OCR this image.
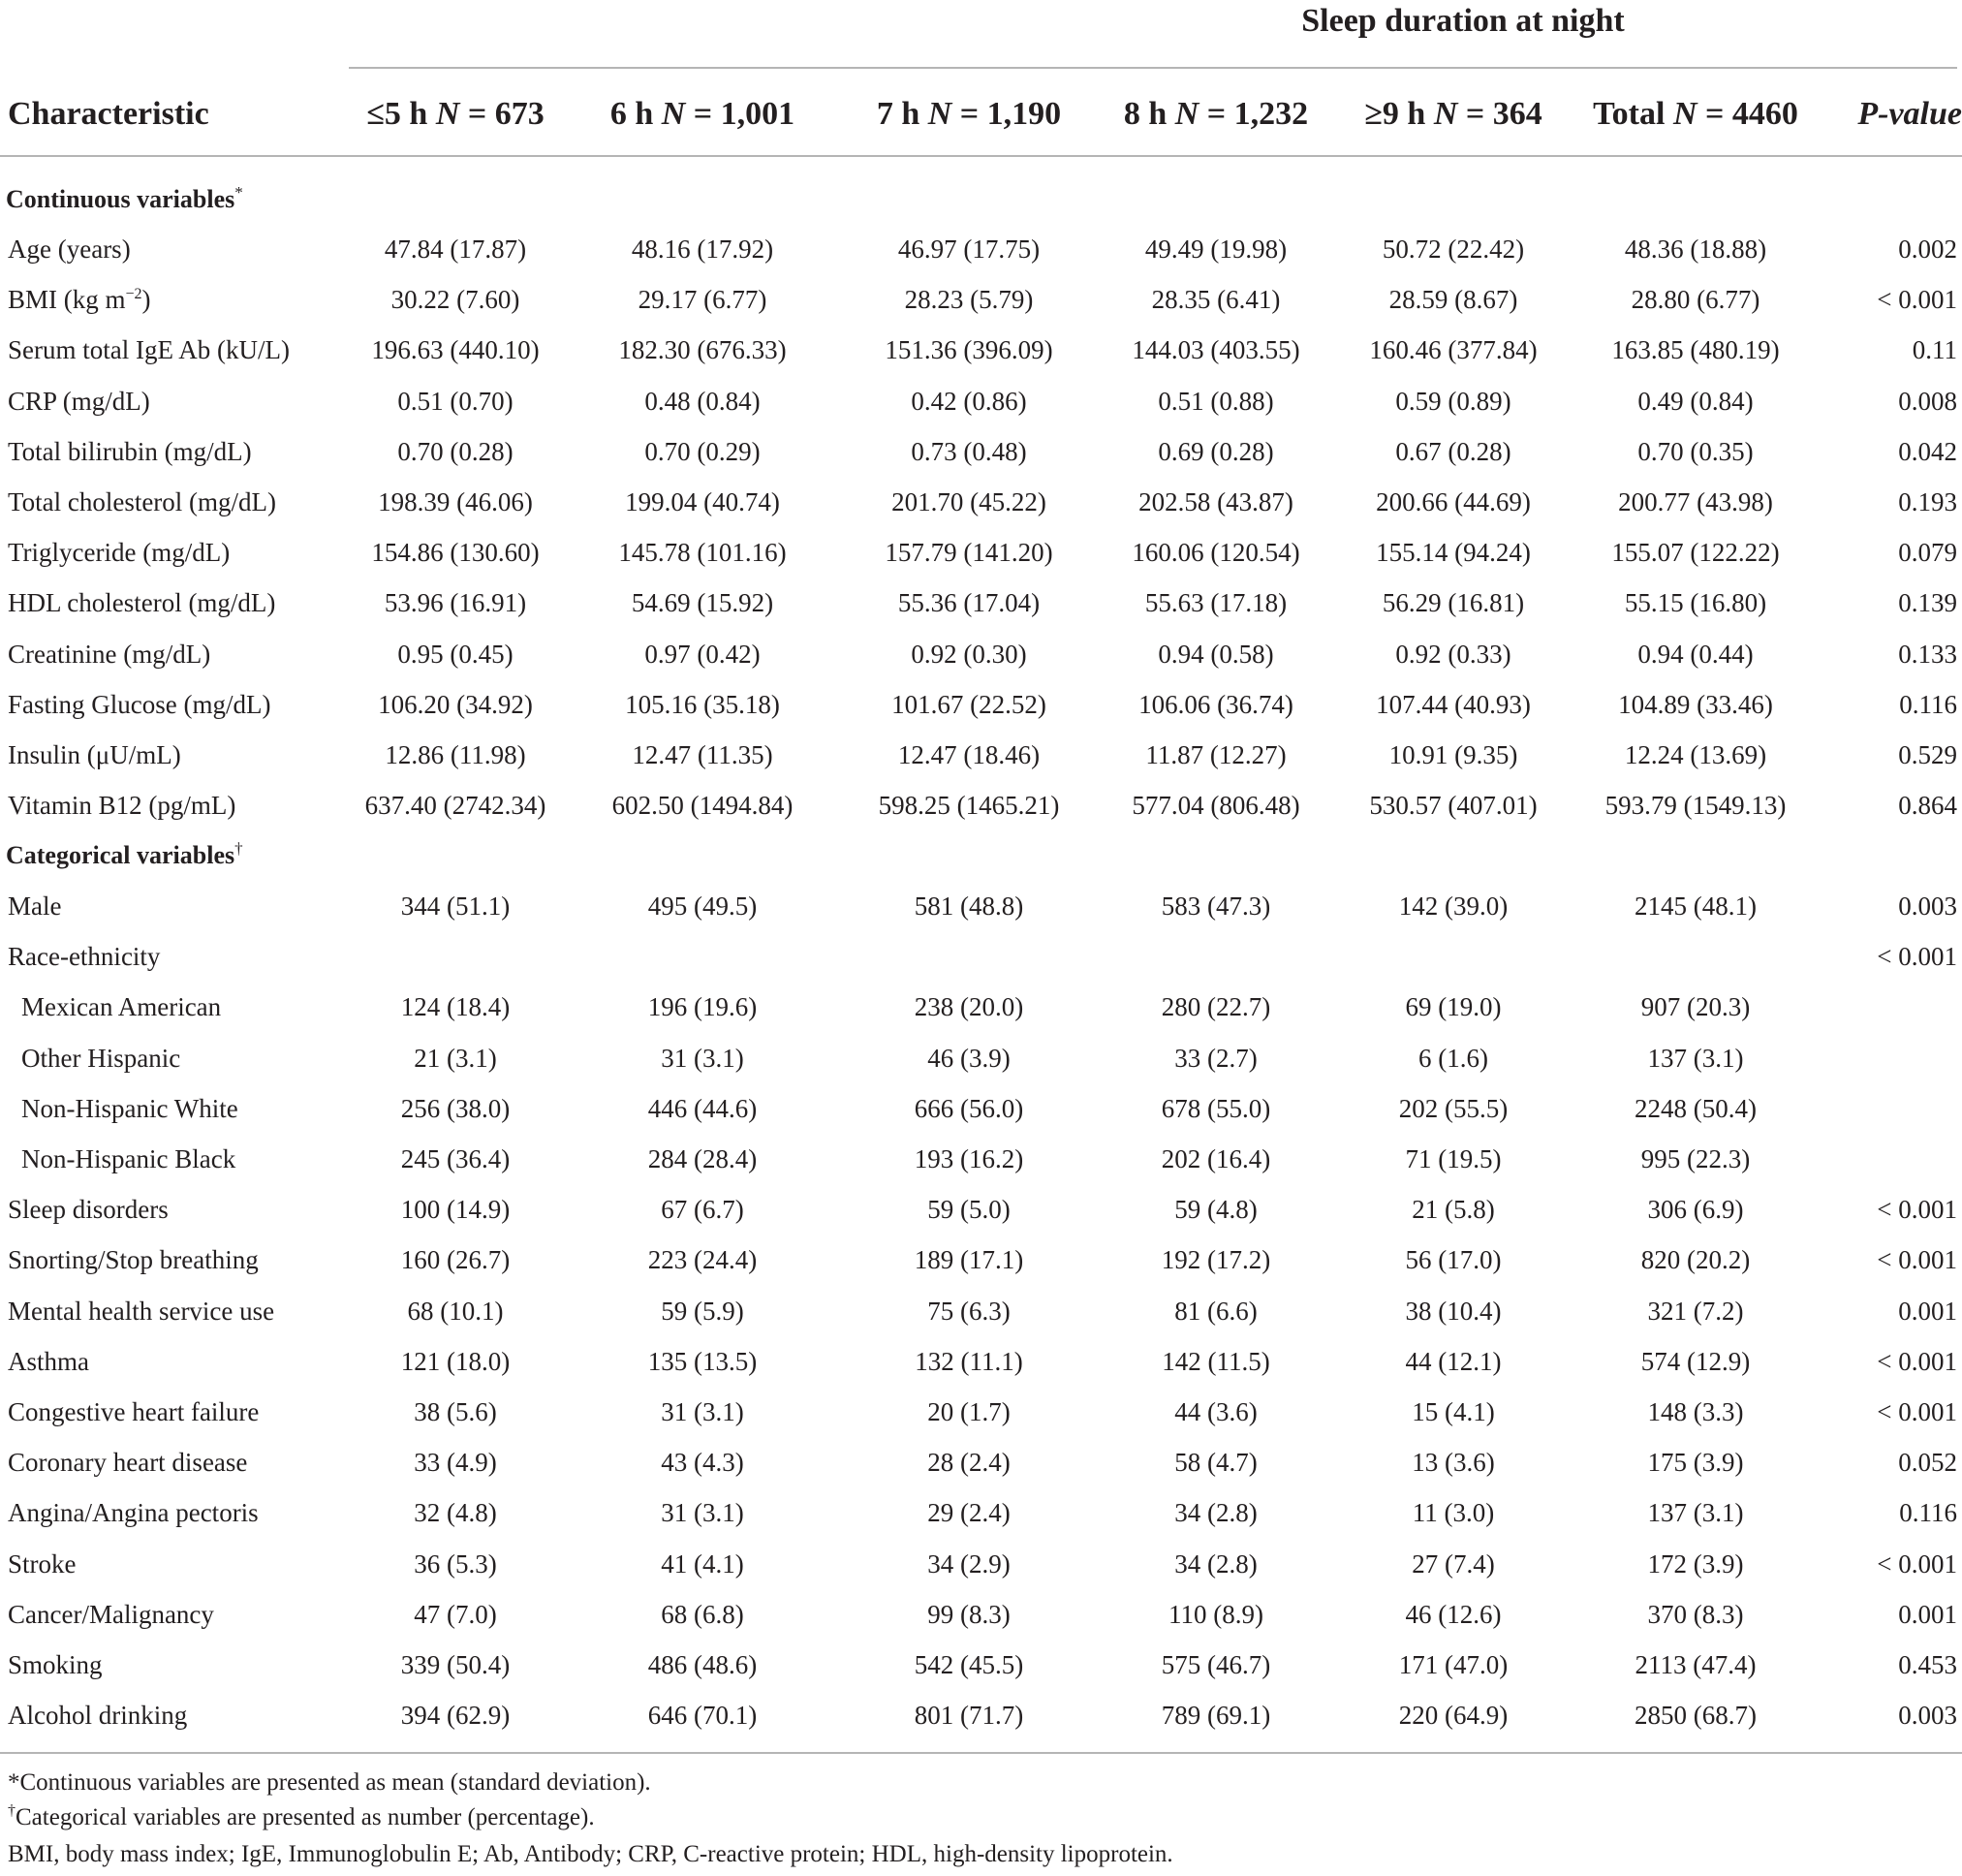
Sleep duration at night
Characteristic	≤5 h N = 673	6 h N = 1,001	7 h N = 1,190	8 h N = 1,232	≥9 h N = 364	Total N = 4460	P-value
Continuous variables*
Age (years)	47.84 (17.87)	48.16 (17.92)	46.97 (17.75)	49.49 (19.98)	50.72 (22.42)	48.36 (18.88)	0.002
BMI (kg $m^{-2}$)	30.22 (7.60)	29.17 (6.77)	28.23 (5.79)	28.35 (6.41)	28.59 (8.67)	28.80 (6.77)	< 0.001
Serum total IgE Ab (kU/L)	196.63 (440.10)	182.30 (676.33)	151.36 (396.09)	144.03 (403.55)	160.46 (377.84)	163.85 (480.19)	0.11
CRP (mg/dL)	0.51 (0.70)	0.48 (0.84)	0.42 (0.86)	0.51 (0.88)	0.59 (0.89)	0.49 (0.84)	0.008
Total bilirubin (mg/dL)	0.70 (0.28)	0.70 (0.29)	0.73 (0.48)	0.69 (0.28)	0.67 (0.28)	0.70 (0.35)	0.042
Total cholesterol (mg/dL)	198.39 (46.06)	199.04 (40.74)	201.70 (45.22)	202.58 (43.87)	200.66 (44.69)	200.77 (43.98)	0.193
Triglyceride (mg/dL)	154.86 (130.60)	145.78 (101.16)	157.79 (141.20)	160.06 (120.54)	155.14 (94.24)	155.07 (122.22)	0.079
HDL cholesterol (mg/dL)	53.96 (16.91)	54.69 (15.92)	55.36 (17.04)	55.63 (17.18)	56.29 (16.81)	55.15 (16.80)	0.139
Creatinine (mg/dL)	0.95 (0.45)	0.97 (0.42)	0.92 (0.30)	0.94 (0.58)	0.92 (0.33)	0.94 (0.44)	0.133
Fasting Glucose (mg/dL)	106.20 (34.92)	105.16 (35.18)	101.67 (22.52)	106.06 (36.74)	107.44 (40.93)	104.89 (33.46)	0.116
Insulin (μU/mL)	12.86 (11.98)	12.47 (11.35)	12.47 (18.46)	11.87 (12.27)	10.91 (9.35)	12.24 (13.69)	0.529
Vitamin B12 (pg/mL)	637.40 (2742.34)	602.50 (1494.84)	598.25 (1465.21)	577.04 (806.48)	530.57 (407.01)	593.79 (1549.13)	0.864
Categorical variables†
Male	344 (51.1)	495 (49.5)	581 (48.8)	583 (47.3)	142 (39.0)	2145 (48.1)	0.003
Race-ethnicity	< 0.001
Mexican American	124 (18.4)	196 (19.6)	238 (20.0)	280 (22.7)	69 (19.0)	907 (20.3)
Other Hispanic	21 (3.1)	31 (3.1)	46 (3.9)	33 (2.7)	6 (1.6)	137 (3.1)
Non-Hispanic White	256 (38.0)	446 (44.6)	666 (56.0)	678 (55.0)	202 (55.5)	2248 (50.4)
Non-Hispanic Black	245 (36.4)	284 (28.4)	193 (16.2)	202 (16.4)	71 (19.5)	995 (22.3)
Sleep disorders	100 (14.9)	67 (6.7)	59 (5.0)	59 (4.8)	21 (5.8)	306 (6.9)	< 0.001
Snorting/Stop breathing	160 (26.7)	223 (24.4)	189 (17.1)	192 (17.2)	56 (17.0)	820 (20.2)	< 0.001
Mental health service use	68 (10.1)	59 (5.9)	75 (6.3)	81 (6.6)	38 (10.4)	321 (7.2)	0.001
Asthma	121 (18.0)	135 (13.5)	132 (11.1)	142 (11.5)	44 (12.1)	574 (12.9)	< 0.001
Congestive heart failure	38 (5.6)	31 (3.1)	20 (1.7)	44 (3.6)	15 (4.1)	148 (3.3)	< 0.001
Coronary heart disease	33 (4.9)	43 (4.3)	28 (2.4)	58 (4.7)	13 (3.6)	175 (3.9)	0.052
Angina/Angina pectoris	32 (4.8)	31 (3.1)	29 (2.4)	34 (2.8)	11 (3.0)	137 (3.1)	0.116
Stroke	36 (5.3)	41 (4.1)	34 (2.9)	34 (2.8)	27 (7.4)	172 (3.9)	< 0.001
Cancer/Malignancy	47 (7.0)	68 (6.8)	99 (8.3)	110 (8.9)	46 (12.6)	370 (8.3)	0.001
Smoking	339 (50.4)	486 (48.6)	542 (45.5)	575 (46.7)	171 (47.0)	2113 (47.4)	0.453
Alcohol drinking	394 (62.9)	646 (70.1)	801 (71.7)	789 (69.1)	220 (64.9)	2850 (68.7)	0.003
*Continuous variables are presented as mean (standard deviation).
†Categorical variables are presented as number (percentage).
BMI, body mass index; IgE, Immunoglobulin E; Ab, Antibody; CRP, C-reactive protein; HDL, high-density lipoprotein.
